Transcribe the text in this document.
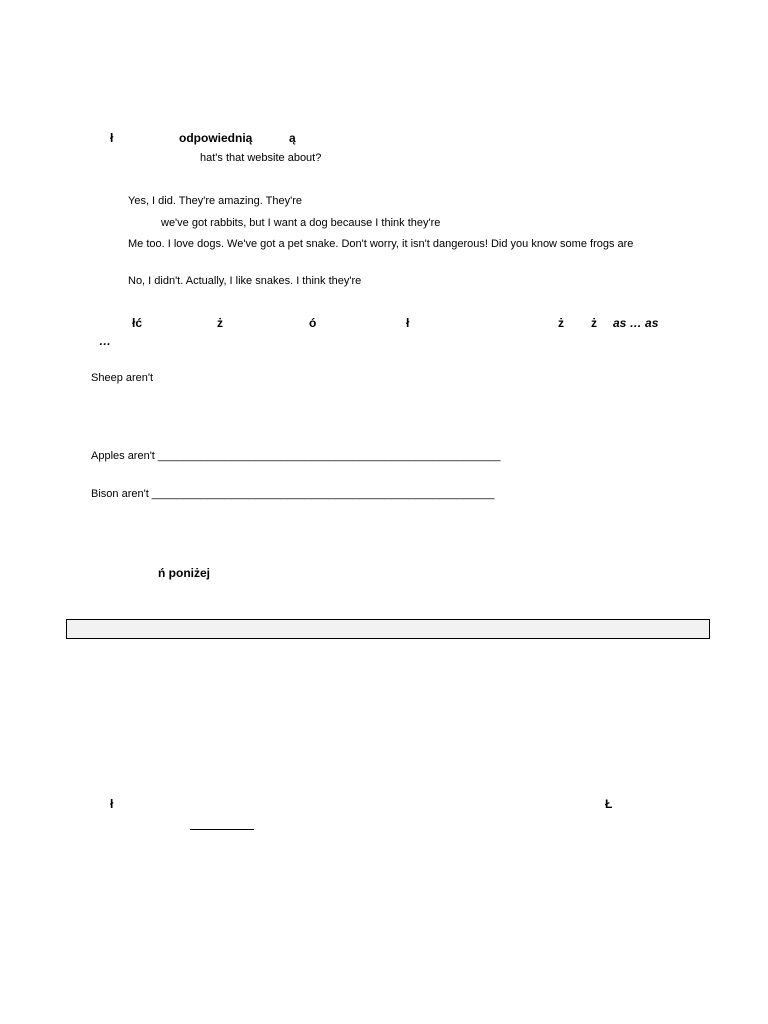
ł	odpowiednią	ą
hat's that website about?
Yes, I did. They're amazing. They're
we've got rabbits, but I want a dog because I think they're
Me too. I love dogs. We've got a pet snake. Don't worry, it isn't dangerous! Did you know some frogs are
No, I didn't. Actually, I like snakes. I think they're
łć	ż	ó	ł	ż ż as … as
…
Sheep aren't
Apples aren't ________________________________________________________
Bison aren't ________________________________________________________
ń poniżej
ł	Ł
